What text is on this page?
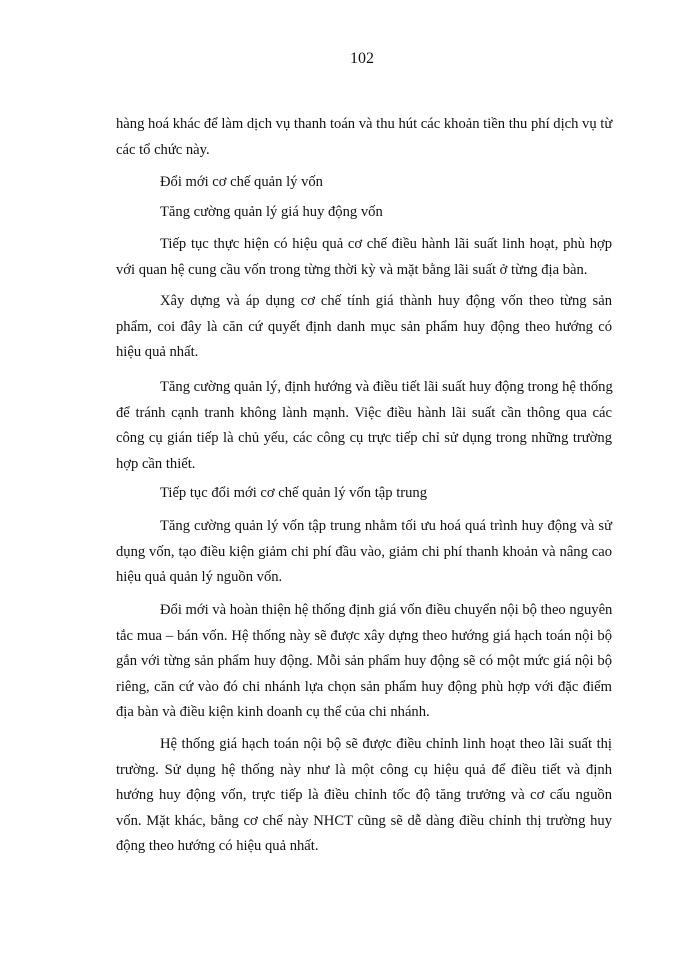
102
hàng hoá khác để làm dịch vụ thanh toán và thu hút các khoản tiền thu phí dịch vụ từ
các tổ chức này.
Đổi mới cơ chế quản lý vốn
Tăng cường quản lý giá huy động vốn
Tiếp tục thực hiện có hiệu quả cơ chế điều hành lãi suất linh hoạt, phù hợp
với quan hệ cung cầu vốn trong từng thời kỳ và mặt bằng lãi suất ở từng địa bàn.
Xây dựng và áp dụng cơ chế tính giá thành huy động vốn theo từng sản
phẩm, coi đây là căn cứ quyết định danh mục sản phẩm huy động theo hướng có
hiệu quả nhất.
Tăng cường quản lý, định hướng và điều tiết lãi suất huy động trong hệ thống
để tránh cạnh tranh không lành mạnh. Việc điều hành lãi suất cần thông qua các
công cụ gián tiếp là chủ yếu, các công cụ trực tiếp chỉ sử dụng trong những trường
hợp cần thiết.
Tiếp tục đổi mới cơ chế quản lý vốn tập trung
Tăng cường quản lý vốn tập trung nhằm tối ưu hoá quá trình huy động và sử
dụng vốn, tạo điều kiện giảm chi phí đầu vào, giảm chi phí thanh khoản và nâng cao
hiệu quả quản lý nguồn vốn.
Đổi mới và hoàn thiện hệ thống định giá vốn điều chuyển nội bộ theo nguyên
tắc mua – bán vốn. Hệ thống này sẽ được xây dựng theo hướng giá hạch toán nội bộ
gắn với từng sản phẩm huy động. Mỗi sản phẩm huy động sẽ có một mức giá nội bộ
riêng, căn cứ vào đó chi nhánh lựa chọn sản phẩm huy động phù hợp với đặc điểm
địa bàn và điều kiện kinh doanh cụ thể của chi nhánh.
Hệ thống giá hạch toán nội bộ sẽ được điều chỉnh linh hoạt theo lãi suất thị
trường. Sử dụng hệ thống này như là một công cụ hiệu quả để điều tiết và định
hướng huy động vốn, trực tiếp là điều chỉnh tốc độ tăng trưởng và cơ cấu nguồn
vốn. Mặt khác, bằng cơ chế này NHCT cũng sẽ dễ dàng điều chỉnh thị trường huy
động theo hướng có hiệu quả nhất.
